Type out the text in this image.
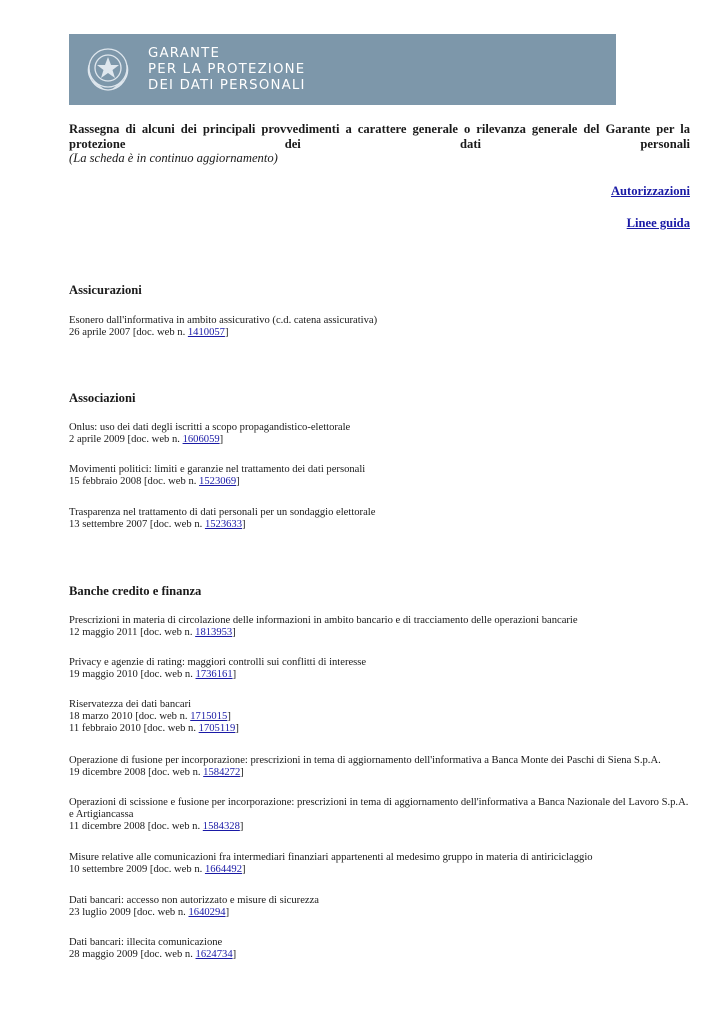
GARANTE
PER LA PROTEZIONE
DEI DATI PERSONALI

Rassegna di alcuni dei principali provvedimenti a carattere generale o rilevanza generale del Garante per la protezione dei dati personali

(La scheda è in continuo aggiornamento)

Autorizzazioni
Linee guida
Assicurazioni
Esonero dall'informativa in ambito assicurativo (c.d. catena assicurativa)
26 aprile 2007 [doc. web n. 1410057]
Associazioni
Onlus: uso dei dati degli iscritti a scopo propagandistico-elettorale
2 aprile 2009 [doc. web n. 1606059]
Movimenti politici: limiti e garanzie nel trattamento dei dati personali
15 febbraio 2008 [doc. web n. 1523069]
Trasparenza nel trattamento di dati personali per un sondaggio elettorale
13 settembre 2007 [doc. web n. 1523633]
Banche credito e finanza
Prescrizioni in materia di circolazione delle informazioni in ambito bancario e di tracciamento delle operazioni bancarie
12 maggio 2011 [doc. web n. 1813953]
Privacy e agenzie di rating: maggiori controlli sui conflitti di interesse
19 maggio 2010 [doc. web n. 1736161]
Riservatezza dei dati bancari
18 marzo 2010 [doc. web n. 1715015]
11 febbraio 2010 [doc. web n. 1705119]
Operazione di fusione per incorporazione: prescrizioni in tema di aggiornamento dell'informativa a Banca Monte dei Paschi di Siena S.p.A.
19 dicembre 2008 [doc. web n. 1584272]
Operazioni di scissione e fusione per incorporazione: prescrizioni in tema di aggiornamento dell'informativa a Banca Nazionale del Lavoro S.p.A. e Artigiancassa
11 dicembre 2008 [doc. web n. 1584328]
Misure relative alle comunicazioni fra intermediari finanziari appartenenti al medesimo gruppo in materia di antiriciclaggio
10 settembre 2009 [doc. web n. 1664492]
Dati bancari: accesso non autorizzato e misure di sicurezza
23 luglio 2009 [doc. web n. 1640294]
Dati bancari: illecita comunicazione
28 maggio 2009 [doc. web n. 1624734]
